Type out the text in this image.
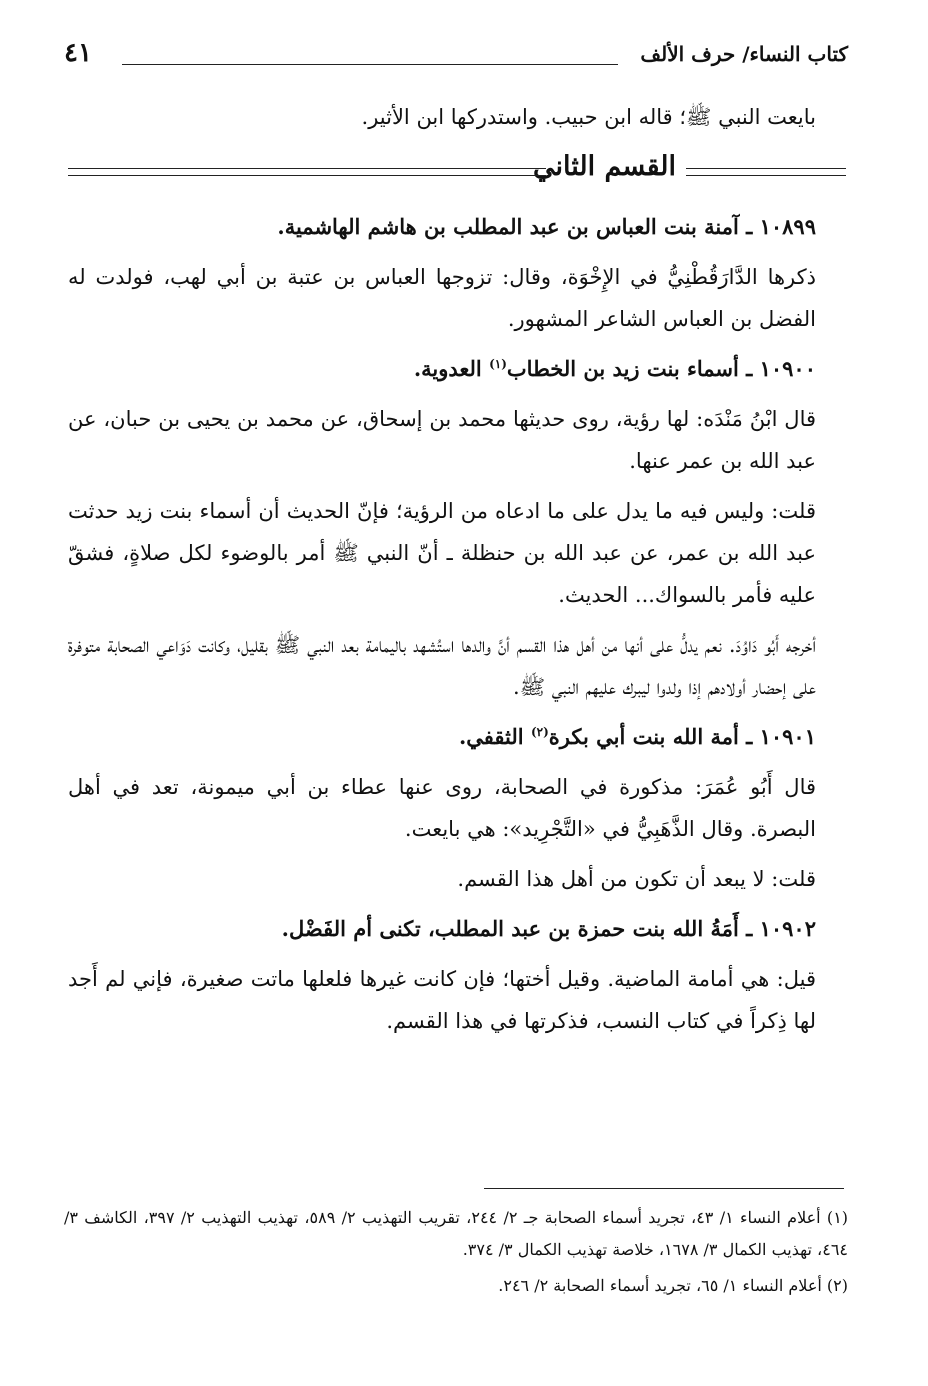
كتاب النساء/ حرف الألف
٤١

بايعت النبي ﷺ؛ قاله ابن حبيب. واستدركها ابن الأثير.

القسم الثاني

١٠٨٩٩ ـ آمنة بنت العباس بن عبد المطلب بن هاشم الهاشمية.

ذكرها الدَّارَقُطْنِيُّ في الإِخْوَة، وقال: تزوجها العباس بن عتبة بن أبي لهب، فولدت له الفضل بن العباس الشاعر المشهور.

١٠٩٠٠ ـ أسماء بنت زيد بن الخطاب$^{(١)}$ العدوية.

قال ابْنُ مَنْدَه: لها رؤية، روى حديثها محمد بن إسحاق، عن محمد بن يحيى بن حبان، عن عبد الله بن عمر عنها.

قلت: وليس فيه ما يدل على ما ادعاه من الرؤية؛ فإنّ الحديث أن أسماء بنت زيد حدثت عبد الله بن عمر، عن عبد الله بن حنظلة ـ أنّ النبي ﷺ أمر بالوضوء لكل صلاةٍ، فشقّ عليه فأمر بالسواك... الحديث.

أخرجه أَبُو دَاوُدَ. نعم يدلُّ على أنها من أهل هذا القسم أنَّ والدها استُشهد باليمامة بعد النبي ﷺ بقليل، وكانت دَوَاعي الصحابة متوفرة على إحضار أولادهم إذا ولدوا ليبرك عليهم النبي ﷺ.

١٠٩٠١ ـ أمة الله بنت أبي بكرة$^{(٢)}$ الثقفي.

قال أَبُو عُمَرَ: مذكورة في الصحابة، روى عنها عطاء بن أبي ميمونة، تعد في أهل البصرة. وقال الذَّهَبِيُّ في «التَّجْرِيد»: هي بايعت.

قلت: لا يبعد أن تكون من أهل هذا القسم.

١٠٩٠٢ ـ أَمَةُ الله بنت حمزة بن عبد المطلب، تكنى أم الفَضْل.

قيل: هي أمامة الماضية. وقيل أختها؛ فإن كانت غيرها فلعلها ماتت صغيرة، فإني لم أَجد لها ذِكراً في كتاب النسب، فذكرتها في هذا القسم.

(١) أعلام النساء ١/ ٤٣، تجريد أسماء الصحابة جـ ٢/ ٢٤٤، تقريب التهذيب ٢/ ٥٨٩، تهذيب التهذيب ٢/ ٣٩٧، الكاشف ٣/ ٤٦٤، تهذيب الكمال ٣/ ١٦٧٨، خلاصة تهذيب الكمال ٣/ ٣٧٤.

(٢) أعلام النساء ١/ ٦٥، تجريد أسماء الصحابة ٢/ ٢٤٦.
